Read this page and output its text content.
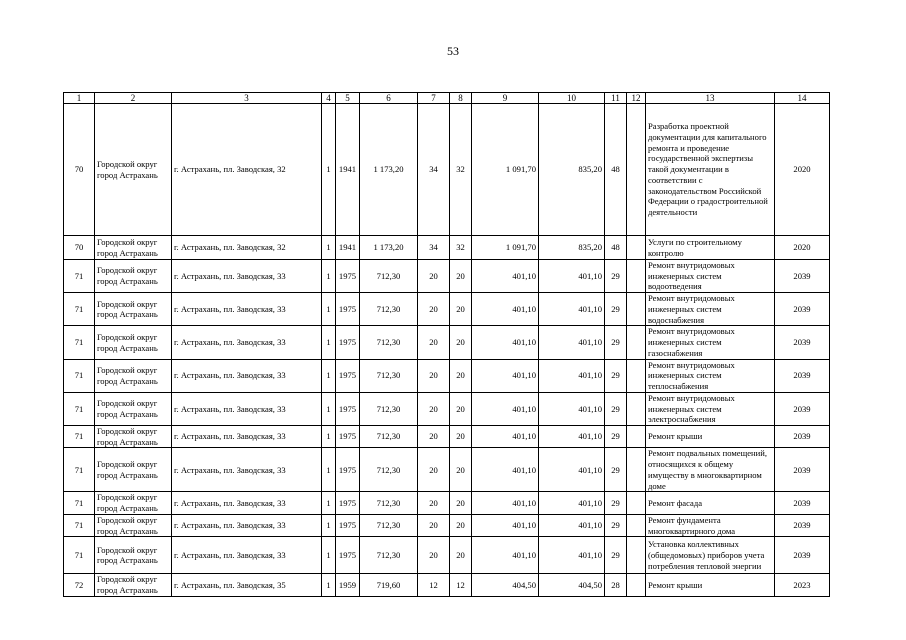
53
1	2	3	4	5	6	7	8	9	10	11	12	13	14
70	Городской округ город Астрахань	г. Астрахань, пл. Заводская, 32	1	1941	1 173,20	34	32	1 091,70	835,20	48		Разработка проектной документации для капитального ремонта и проведение государственной экспертизы такой документации в соответствии с законодательством Российской Федерации о градостроительной деятельности	2020
70	Городской округ город Астрахань	г. Астрахань, пл. Заводская, 32	1	1941	1 173,20	34	32	1 091,70	835,20	48		Услуги по строительному контролю	2020
71	Городской округ город Астрахань	г. Астрахань, пл. Заводская, 33	1	1975	712,30	20	20	401,10	401,10	29		Ремонт внутридомовых инженерных систем водоотведения	2039
71	Городской округ город Астрахань	г. Астрахань, пл. Заводская, 33	1	1975	712,30	20	20	401,10	401,10	29		Ремонт внутридомовых инженерных систем водоснабжения	2039
71	Городской округ город Астрахань	г. Астрахань, пл. Заводская, 33	1	1975	712,30	20	20	401,10	401,10	29		Ремонт внутридомовых инженерных систем газоснабжения	2039
71	Городской округ город Астрахань	г. Астрахань, пл. Заводская, 33	1	1975	712,30	20	20	401,10	401,10	29		Ремонт внутридомовых инженерных систем теплоснабжения	2039
71	Городской округ город Астрахань	г. Астрахань, пл. Заводская, 33	1	1975	712,30	20	20	401,10	401,10	29		Ремонт внутридомовых инженерных систем электроснабжения	2039
71	Городской округ город Астрахань	г. Астрахань, пл. Заводская, 33	1	1975	712,30	20	20	401,10	401,10	29		Ремонт крыши	2039
71	Городской округ город Астрахань	г. Астрахань, пл. Заводская, 33	1	1975	712,30	20	20	401,10	401,10	29		Ремонт подвальных помещений, относящихся к общему имуществу в многоквартирном доме	2039
71	Городской округ город Астрахань	г. Астрахань, пл. Заводская, 33	1	1975	712,30	20	20	401,10	401,10	29		Ремонт фасада	2039
71	Городской округ город Астрахань	г. Астрахань, пл. Заводская, 33	1	1975	712,30	20	20	401,10	401,10	29		Ремонт фундамента многоквартирного дома	2039
71	Городской округ город Астрахань	г. Астрахань, пл. Заводская, 33	1	1975	712,30	20	20	401,10	401,10	29		Установка коллективных (общедомовых) приборов учета потребления тепловой энергии	2039
72	Городской округ город Астрахань	г. Астрахань, пл. Заводская, 35	1	1959	719,60	12	12	404,50	404,50	28		Ремонт крыши	2023
